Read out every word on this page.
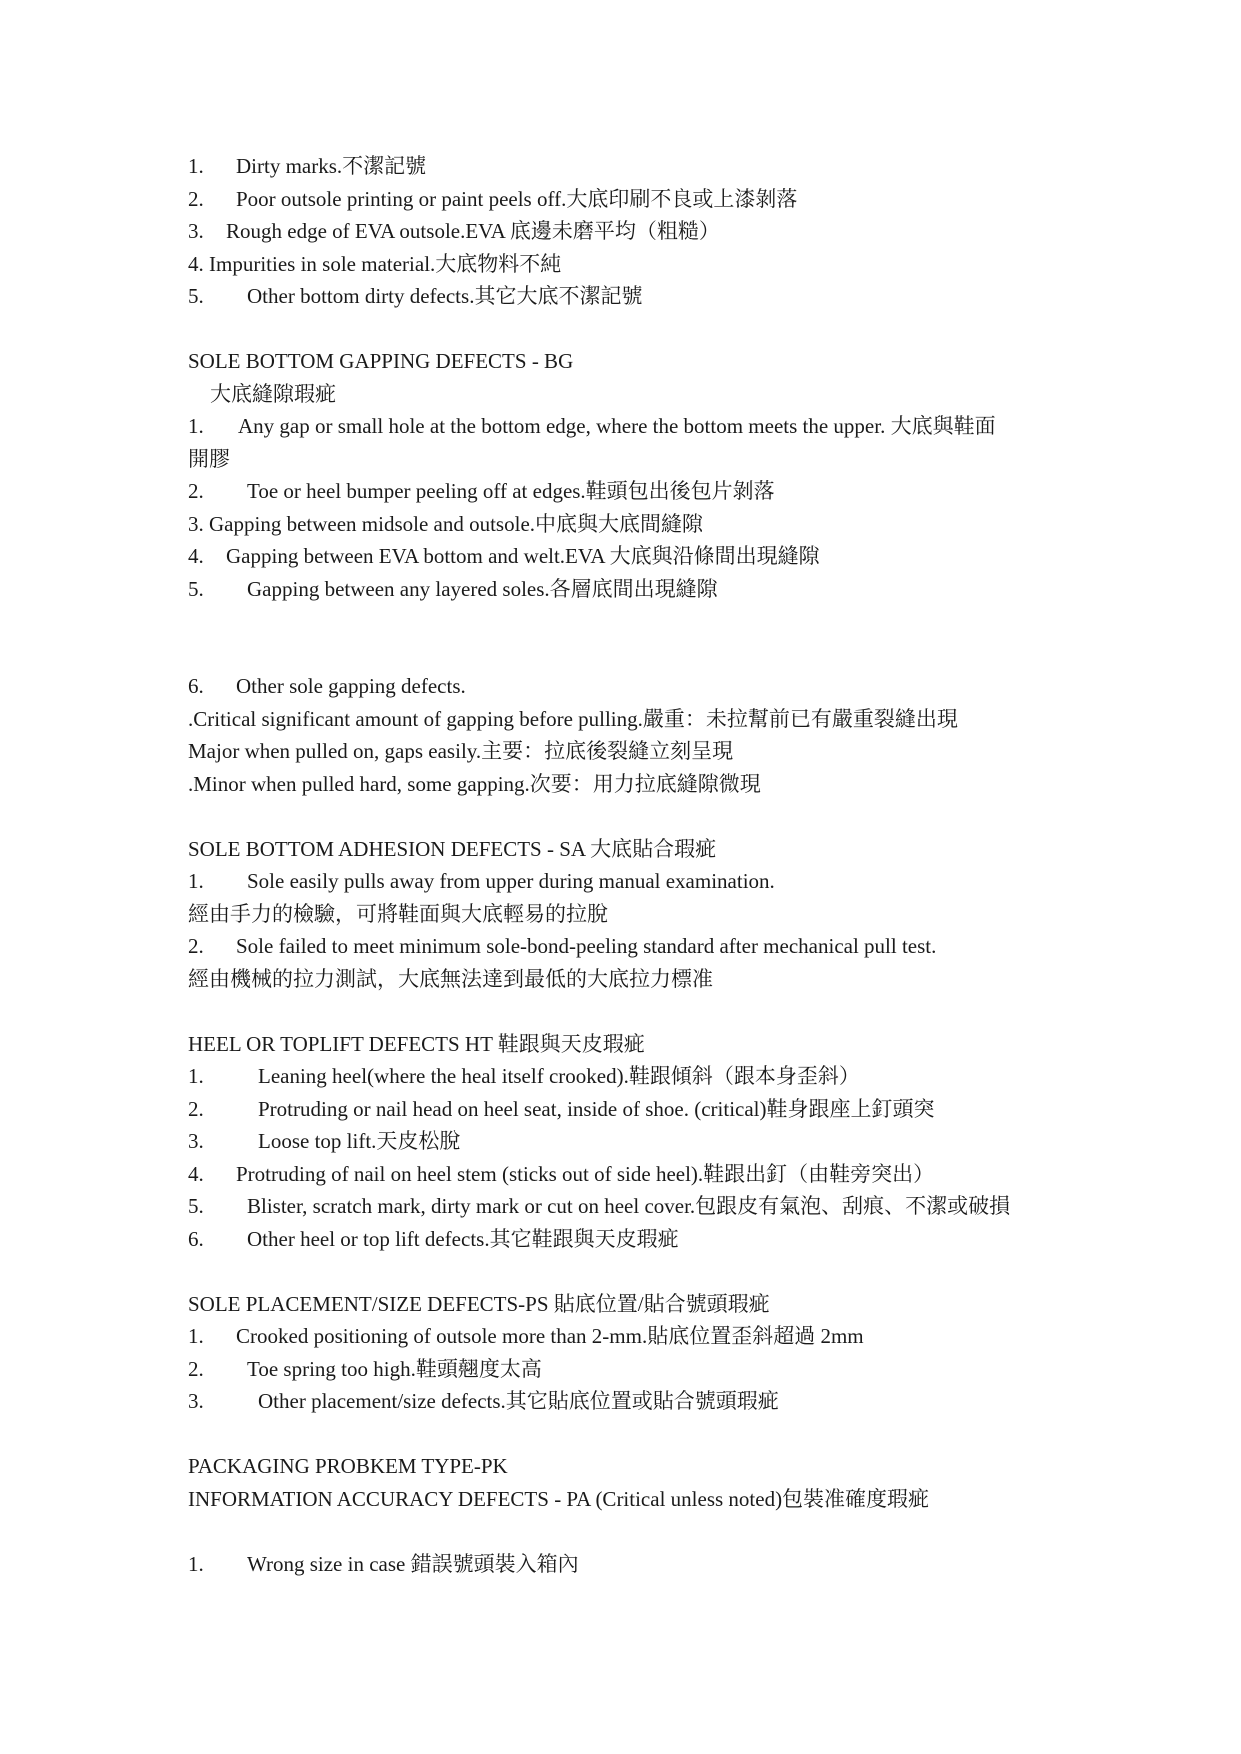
1. Dirty marks.不潔記號

2. Poor outsole printing or paint peels off.大底印刷不良或上漆剝落

3. Rough edge of EVA outsole.EVA 底邊未磨平均（粗糙）

4. Impurities in sole material.大底物料不純

5. Other bottom dirty defects.其它大底不潔記號

SOLE BOTTOM GAPPING DEFECTS - BG

大底縫隙瑕疵

1. Any gap or small hole at the bottom edge, where the bottom meets the upper. 大底與鞋面

開膠

2. Toe or heel bumper peeling off at edges.鞋頭包出後包片剝落

3. Gapping between midsole and outsole.中底與大底間縫隙

4. Gapping between EVA bottom and welt.EVA 大底與沿條間出現縫隙

5. Gapping between any layered soles.各層底間出現縫隙

6. Other sole gapping defects.

.Critical significant amount of gapping before pulling.嚴重：未拉幫前已有嚴重裂縫出現

Major when pulled on, gaps easily.主要：拉底後裂縫立刻呈現

.Minor when pulled hard, some gapping.次要：用力拉底縫隙微現

SOLE BOTTOM ADHESION DEFECTS - SA 大底貼合瑕疵

1. Sole easily pulls away from upper during manual examination.

經由手力的檢驗，可將鞋面與大底輕易的拉脫

2. Sole failed to meet minimum sole-bond-peeling standard after mechanical pull test.

經由機械的拉力測試，大底無法達到最低的大底拉力標准

HEEL OR TOPLIFT DEFECTS HT 鞋跟與天皮瑕疵

1.	Leaning heel(where the heal itself crooked).鞋跟傾斜（跟本身歪斜）

2.	Protruding or nail head on heel seat, inside of shoe. (critical)鞋身跟座上釘頭突

3.	Loose top lift.天皮松脫

4. Protruding of nail on heel stem (sticks out of side heel).鞋跟出釘（由鞋旁突出）

5. Blister, scratch mark, dirty mark or cut on heel cover.包跟皮有氣泡、刮痕、不潔或破損

6. Other heel or top lift defects.其它鞋跟與天皮瑕疵

SOLE PLACEMENT/SIZE DEFECTS-PS 貼底位置/貼合號頭瑕疵

1. Crooked positioning of outsole more than 2-mm.貼底位置歪斜超過 2mm

2. Toe spring too high.鞋頭翹度太高

3.	Other placement/size defects.其它貼底位置或貼合號頭瑕疵

PACKAGING PROBKEM TYPE-PK

INFORMATION ACCURACY DEFECTS - PA (Critical unless noted)包裝准確度瑕疵

1. Wrong size in case 錯誤號頭裝入箱內
